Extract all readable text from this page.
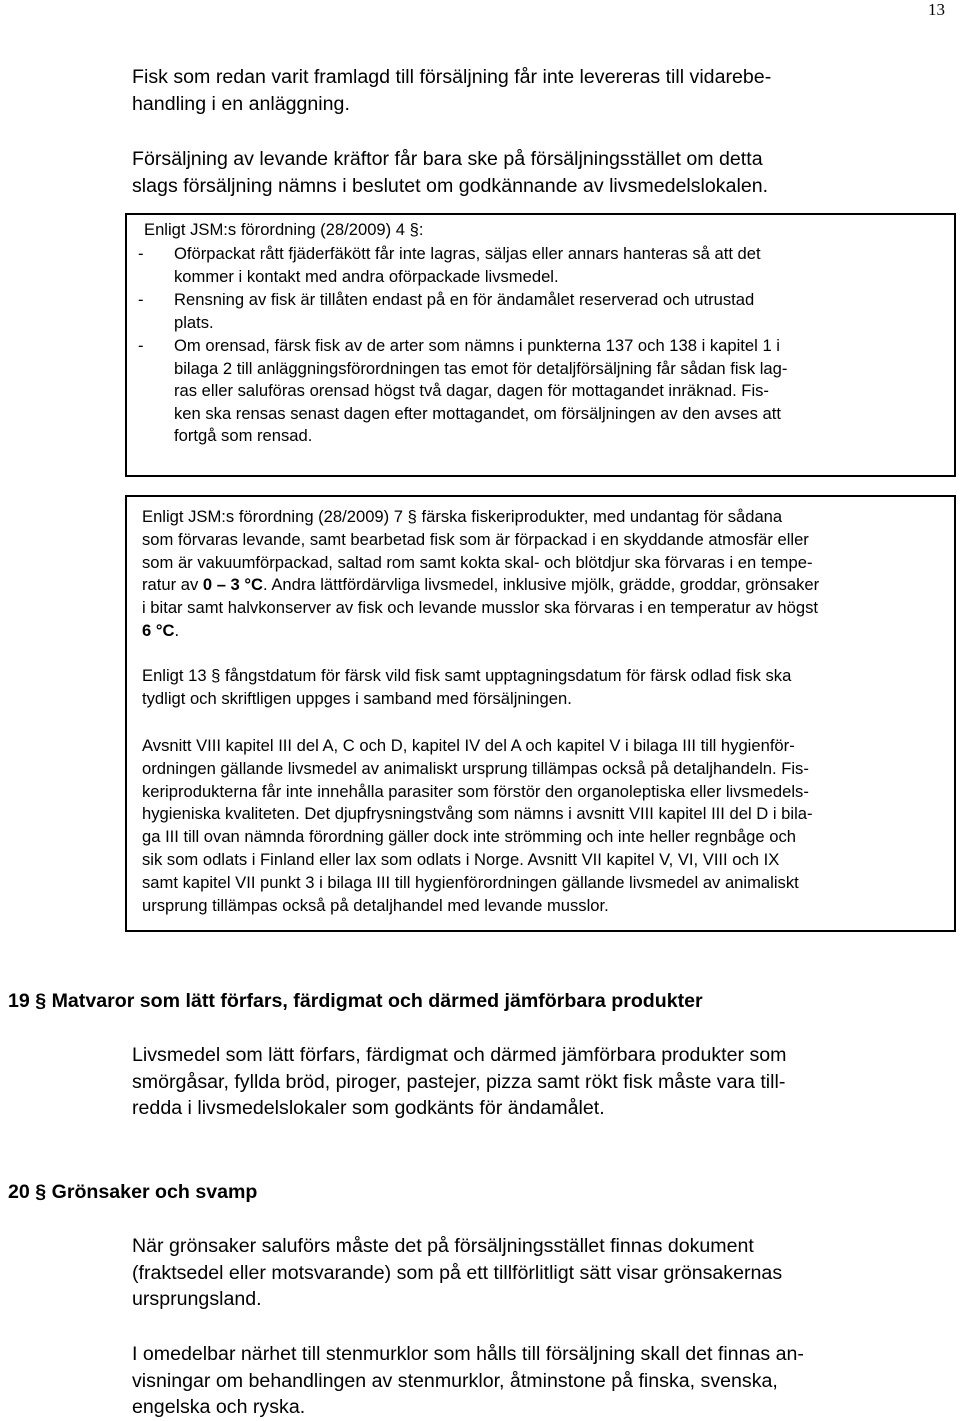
13

Fisk som redan varit framlagd till försäljning får inte levereras till vidarebe-
handling i en anläggning.

Försäljning av levande kräftor får bara ske på försäljningsstället om detta
slags försäljning nämns i beslutet om godkännande av livsmedelslokalen.

Enligt JSM:s förordning (28/2009) 4 §:

- Oförpackat rått fjäderfäkött får inte lagras, säljas eller annars hanteras så att det
kommer i kontakt med andra oförpackade livsmedel.
- Rensning av fisk är tillåten endast på en för ändamålet reserverad och utrustad
plats.
- Om orensad, färsk fisk av de arter som nämns i punkterna 137 och 138 i kapitel 1 i
bilaga 2 till anläggningsförordningen tas emot för detaljförsäljning får sådan fisk lag-
ras eller saluföras orensad högst två dagar, dagen för mottagandet inräknad. Fis-
ken ska rensas senast dagen efter mottagandet, om försäljningen av den avses att
fortgå som rensad.

Enligt JSM:s förordning (28/2009) 7 § färska fiskeriprodukter, med undantag för sådana
som förvaras levande, samt bearbetad fisk som är förpackad i en skyddande atmosfär eller
som är vakuumförpackad, saltad rom samt kokta skal- och blötdjur ska förvaras i en tempe-
ratur av 0 – 3 °C. Andra lättfördärvliga livsmedel, inklusive mjölk, grädde, groddar, grönsaker
i bitar samt halvkonserver av fisk och levande musslor ska förvaras i en temperatur av högst
6 °C.

Enligt 13 § fångstdatum för färsk vild fisk samt upptagningsdatum för färsk odlad fisk ska
tydligt och skriftligen uppges i samband med försäljningen.

Avsnitt VIII kapitel III del A, C och D, kapitel IV del A och kapitel V i bilaga III till hygienför-
ordningen gällande livsmedel av animaliskt ursprung tillämpas också på detaljhandeln. Fis-
keriprodukterna får inte innehålla parasiter som förstör den organoleptiska eller livsmedels-
hygieniska kvaliteten. Det djupfrysningstvång som nämns i avsnitt VIII kapitel III del D i bila-
ga III till ovan nämnda förordning gäller dock inte strömming och inte heller regnbåge och
sik som odlats i Finland eller lax som odlats i Norge. Avsnitt VII kapitel V, VI, VIII och IX
samt kapitel VII punkt 3 i bilaga III till hygienförordningen gällande livsmedel av animaliskt
ursprung tillämpas också på detaljhandel med levande musslor.

19 § Matvaror som lätt förfars, färdigmat och därmed jämförbara produkter

Livsmedel som lätt förfars, färdigmat och därmed jämförbara produkter som
smörgåsar, fyllda bröd, piroger, pastejer, pizza samt rökt fisk måste vara till-
redda i livsmedelslokaler som godkänts för ändamålet.

20 § Grönsaker och svamp

När grönsaker saluförs måste det på försäljningsstället finnas dokument
(fraktsedel eller motsvarande) som på ett tillförlitligt sätt visar grönsakernas
ursprungsland.

I omedelbar närhet till stenmurklor som hålls till försäljning skall det finnas an-
visningar om behandlingen av stenmurklor, åtminstone på finska, svenska,
engelska och ryska.
